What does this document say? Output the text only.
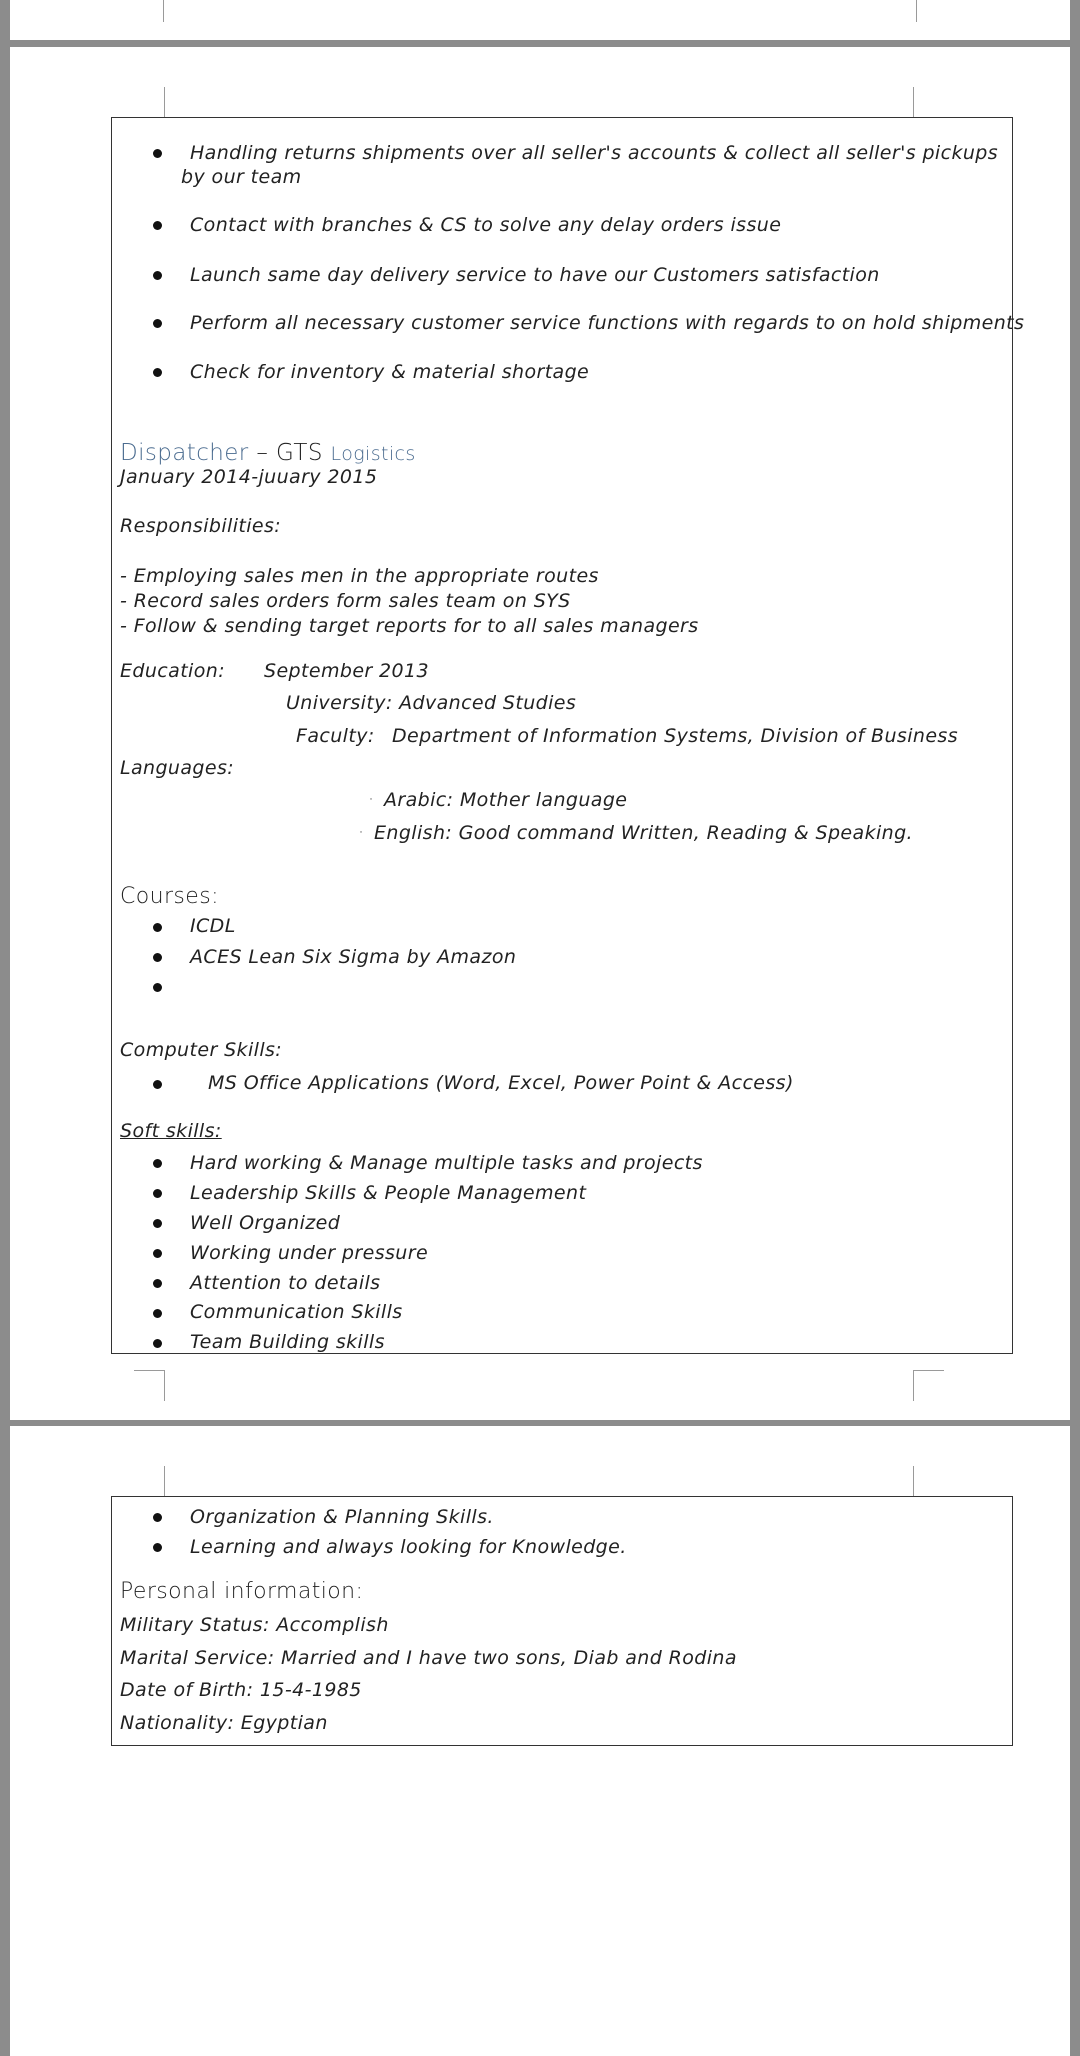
Handling returns shipments over all seller's accounts & collect all seller's pickups
by our team
Contact with branches & CS to solve any delay orders issue
Launch same day delivery service to have our Customers satisfaction
Perform all necessary customer service functions with regards to on hold shipments
Check for inventory & material shortage
Dispatcher – GTS Logistics
January 2014-juuary 2015
Responsibilities:
- Employing sales men in the appropriate routes
- Record sales orders form sales team on SYS
- Follow & sending target reports for to all sales managers
Education: September 2013
University: Advanced Studies
Faculty: Department of Information Systems, Division of Business
Languages:
· Arabic: Mother language
· English: Good command Written, Reading & Speaking.
Courses:
ICDL
ACES Lean Six Sigma by Amazon
Computer Skills:
MS Office Applications (Word, Excel, Power Point & Access)
Soft skills:
Hard working & Manage multiple tasks and projects
Leadership Skills & People Management
Well Organized
Working under pressure
Attention to details
Communication Skills
Team Building skills
Organization & Planning Skills.
Learning and always looking for Knowledge.
Personal information:
Military Status: Accomplish
Marital Service: Married and I have two sons, Diab and Rodina
Date of Birth: 15-4-1985
Nationality: Egyptian
